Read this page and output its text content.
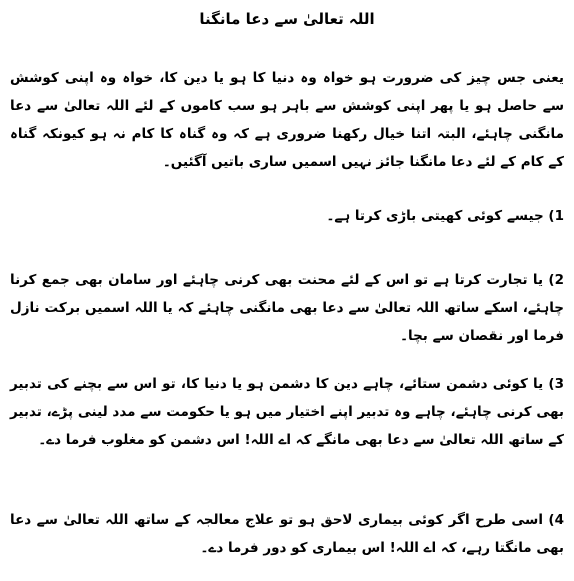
اللہ تعالیٰ سے دعا مانگنا
یعنی جس چیز کی ضرورت ہو خواہ وہ دنیا کا ہو یا دین کا، خواہ وہ اپنی کوشش سے حاصل ہو یا پھر اپنی کوشش سے باہر ہو سب کاموں کے لئے اللہ تعالیٰ سے دعا مانگنی چاہئے، البتہ اتنا خیال رکھنا ضروری ہے کہ وہ گناہ کا کام نہ ہو کیونکہ گناہ کے کام کے لئے دعا مانگنا جائز نہیں اسمیں ساری باتیں آگئیں۔
1) جیسے کوئی کھیتی باڑی کرتا ہے۔
2) یا تجارت کرتا ہے تو اس کے لئے محنت بھی کرنی چاہئے اور سامان بھی جمع کرنا چاہئے، اسکے ساتھ اللہ تعالیٰ سے دعا بھی مانگنی چاہئے کہ یا اللہ اسمیں برکت نازل فرما اور نقصان سے بچا۔
3) یا کوئی دشمن ستائے، چاہے دین کا دشمن ہو یا دنیا کا، تو اس سے بچنے کی تدبیر بھی کرنی چاہئے، چاہے وہ تدبیر اپنے اختیار میں ہو یا حکومت سے مدد لینی پڑے، تدبیر کے ساتھ اللہ تعالیٰ سے دعا بھی مانگے کہ اے اللہ! اس دشمن کو مغلوب فرما دے۔
4) اسی طرح اگر کوئی بیماری لاحق ہو تو علاج معالجہ کے ساتھ اللہ تعالیٰ سے دعا بھی مانگتا رہے، کہ اے اللہ! اس بیماری کو دور فرما دے۔
